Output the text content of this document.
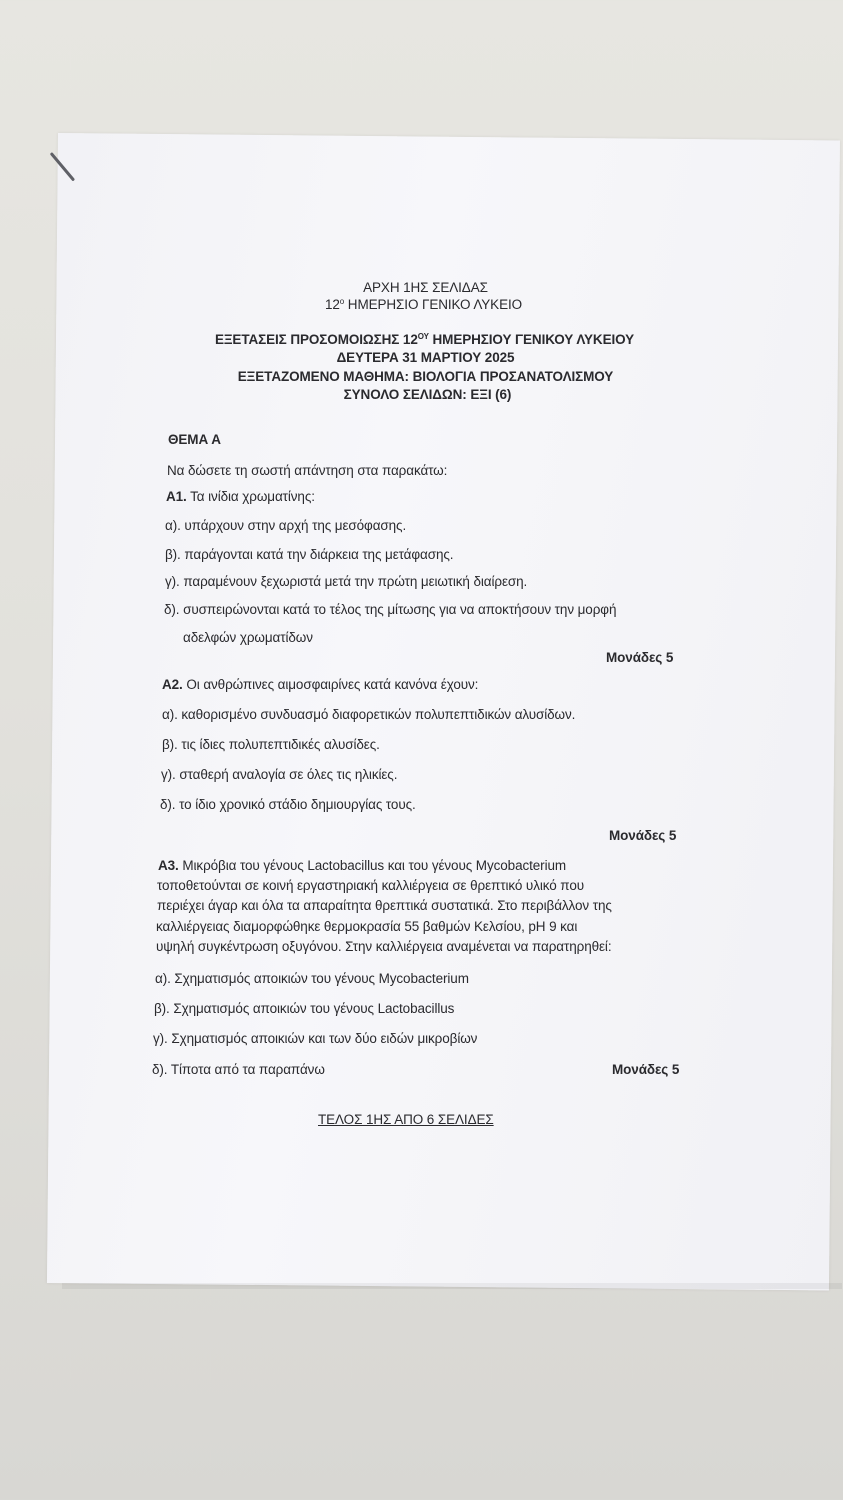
ΑΡΧΗ 1ΗΣ ΣΕΛΙΔΑΣ
$12^o$ ΗΜΕΡΗΣΙΟ ΓΕΝΙΚΟ ΛΥΚΕΙΟ
ΕΞΕΤΑΣΕΙΣ ΠΡΟΣΟΜΟΙΩΣΗΣ $12^{O\Upsilon}$ ΗΜΕΡΗΣΙΟΥ ΓΕΝΙΚΟΥ ΛΥΚΕΙΟΥ
ΔΕΥΤΕΡΑ 31 ΜΑΡΤΙΟΥ 2025
ΕΞΕΤΑΖΟΜΕΝΟ ΜΑΘΗΜΑ: ΒΙΟΛΟΓΙΑ ΠΡΟΣΑΝΑΤΟΛΙΣΜΟΥ
ΣΥΝΟΛΟ ΣΕΛΙΔΩΝ: ΕΞΙ (6)
ΘΕΜΑ Α
Να δώσετε τη σωστή απάντηση στα παρακάτω:
Α1. Τα ινίδια χρωματίνης:
α). υπάρχουν στην αρχή της μεσόφασης.
β). παράγονται κατά την διάρκεια της μετάφασης.
γ). παραμένουν ξεχωριστά μετά την πρώτη μειωτική διαίρεση.
δ). συσπειρώνονται κατά το τέλος της μίτωσης για να αποκτήσουν την μορφή
αδελφών χρωματίδων
Μονάδες 5
Α2. Οι ανθρώπινες αιμοσφαιρίνες κατά κανόνα έχουν:
α). καθορισμένο συνδυασμό διαφορετικών πολυπεπτιδικών αλυσίδων.
β). τις ίδιες πολυπεπτιδικές αλυσίδες.
γ). σταθερή αναλογία σε όλες τις ηλικίες.
δ). το ίδιο χρονικό στάδιο δημιουργίας τους.
Μονάδες 5
Α3. Μικρόβια του γένους Lactobacillus και του γένους Mycobacterium
τοποθετούνται σε κοινή εργαστηριακή καλλιέργεια σε θρεπτικό υλικό που
περιέχει άγαρ και όλα τα απαραίτητα θρεπτικά συστατικά. Στο περιβάλλον της
καλλιέργειας διαμορφώθηκε θερμοκρασία 55 βαθμών Κελσίου, pH 9 και
υψηλή συγκέντρωση οξυγόνου. Στην καλλιέργεια αναμένεται να παρατηρηθεί:
α). Σχηματισμός αποικιών του γένους Mycobacterium
β). Σχηματισμός αποικιών του γένους Lactobacillus
γ). Σχηματισμός αποικιών και των δύο ειδών μικροβίων
δ). Τίποτα από τα παραπάνω	Μονάδες 5
ΤΕΛΟΣ 1ΗΣ ΑΠΟ 6 ΣΕΛΙΔΕΣ
